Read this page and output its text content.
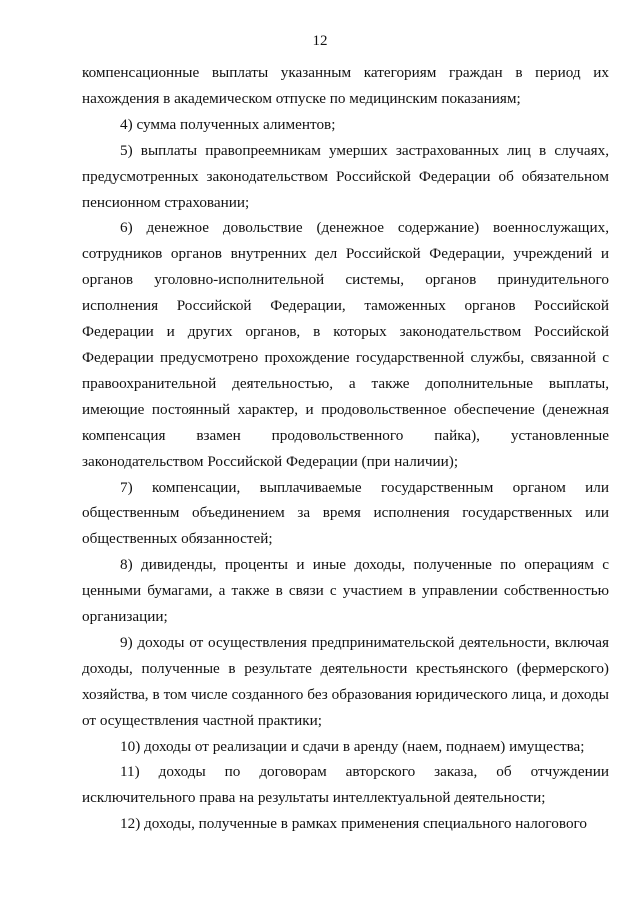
12

компенсационные выплаты указанным категориям граждан в период их нахождения в академическом отпуске по медицинским показаниям;

4) сумма полученных алиментов;

5) выплаты правопреемникам умерших застрахованных лиц в случаях, предусмотренных законодательством Российской Федерации об обязательном пенсионном страховании;

6) денежное довольствие (денежное содержание) военнослужащих, сотрудников органов внутренних дел Российской Федерации, учреждений и органов уголовно-исполнительной системы, органов принудительного исполнения Российской Федерации, таможенных органов Российской Федерации и других органов, в которых законодательством Российской Федерации предусмотрено прохождение государственной службы, связанной с правоохранительной деятельностью, а также дополнительные выплаты, имеющие постоянный характер, и продовольственное обеспечение (денежная компенсация взамен продовольственного пайка), установленные законодательством Российской Федерации (при наличии);

7) компенсации, выплачиваемые государственным органом или общественным объединением за время исполнения государственных или общественных обязанностей;

8) дивиденды, проценты и иные доходы, полученные по операциям с ценными бумагами, а также в связи с участием в управлении собственностью организации;

9) доходы от осуществления предпринимательской деятельности, включая доходы, полученные в результате деятельности крестьянского (фермерского) хозяйства, в том числе созданного без образования юридического лица, и доходы от осуществления частной практики;

10) доходы от реализации и сдачи в аренду (наем, поднаем) имущества;

11) доходы по договорам авторского заказа, об отчуждении исключительного права на результаты интеллектуальной деятельности;

12) доходы, полученные в рамках применения специального налогового
